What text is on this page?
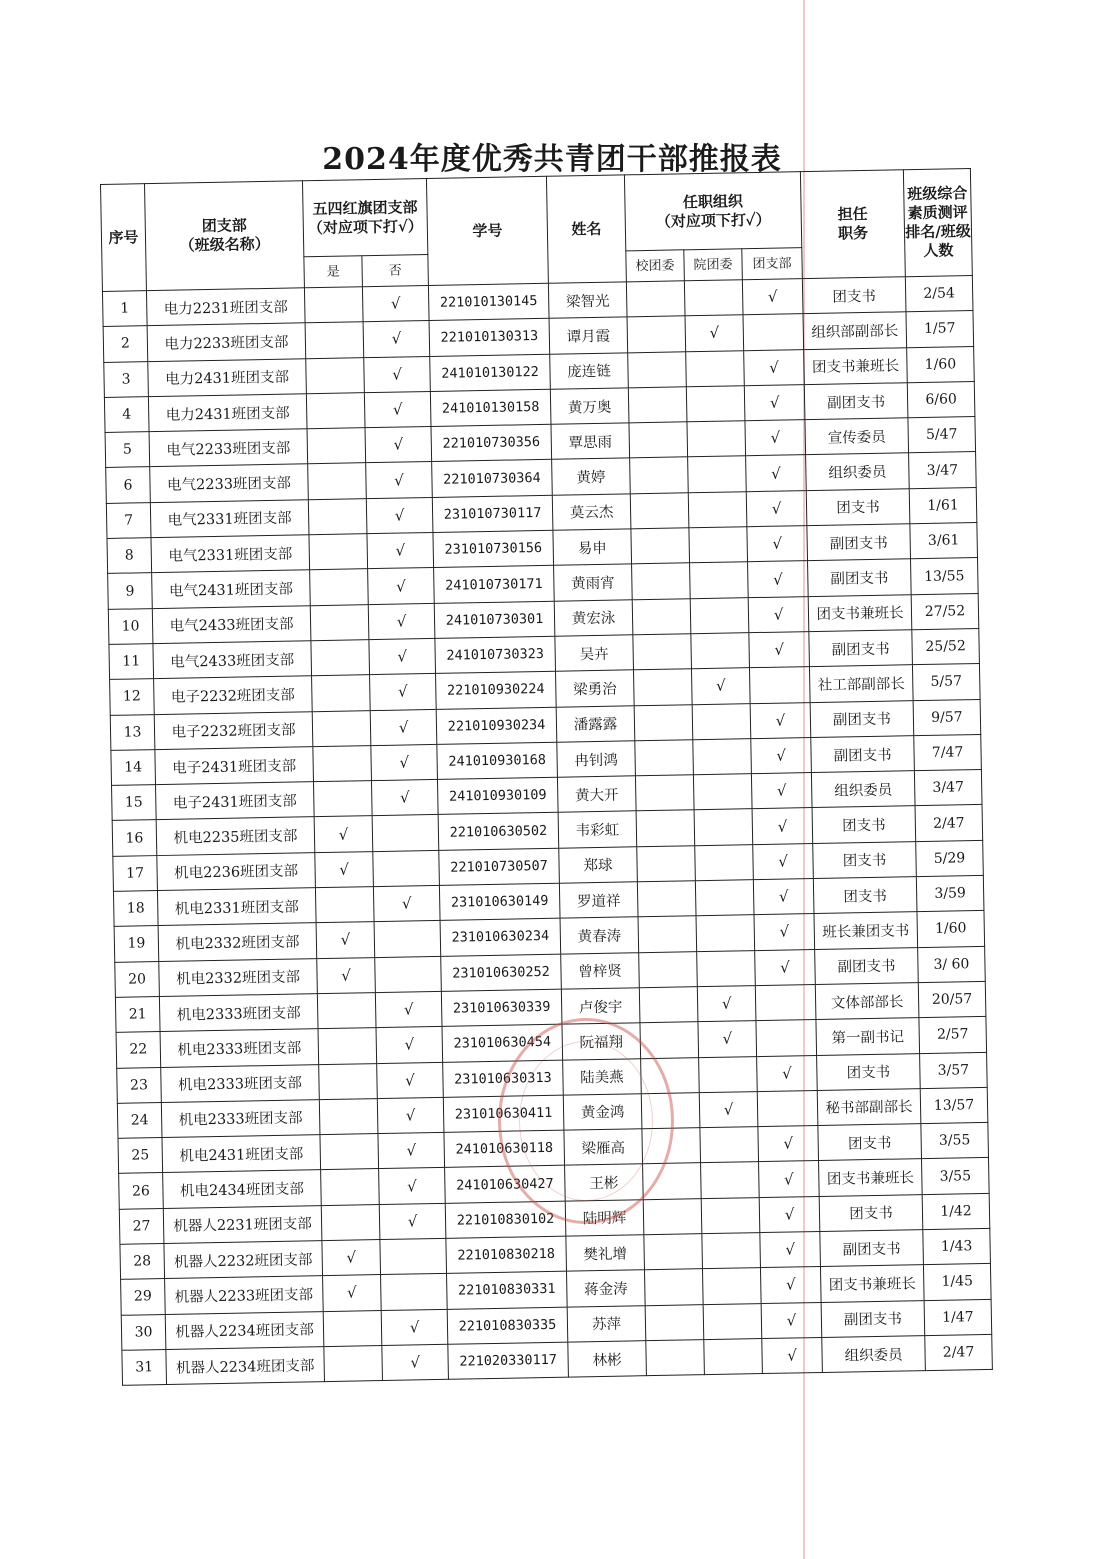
2024年度优秀共青团干部推报表
序号	团支部
（班级名称）	五四红旗团支部
（对应项下打√）		学号	姓名	任职组织
（对应项下打✓）			担任
职务	班级综合素质测评排名/班级人数
		是	否			校团委	院团委	团支部		
1	电力2231班团支部		√	221010130145	梁智光			√	团支书	2/54
2	电力2233班团支部		√	221010130313	谭月霞		√		组织部副部长	1/57
3	电力2431班团支部		√	241010130122	庞连链			√	团支书兼班长	1/60
4	电力2431班团支部		√	241010130158	黄万奥			√	副团支书	6/60
5	电气2233班团支部		√	221010730356	覃思雨			√	宣传委员	5/47
6	电气2233班团支部		√	221010730364	黄婷			√	组织委员	3/47
7	电气2331班团支部		√	231010730117	莫云杰			√	团支书	1/61
8	电气2331班团支部		√	231010730156	易申			√	副团支书	3/61
9	电气2431班团支部		√	241010730171	黄雨宵			√	副团支书	13/55
10	电气2433班团支部		√	241010730301	黄宏泳			√	团支书兼班长	27/52
11	电气2433班团支部		√	241010730323	吴卉			√	副团支书	25/52
12	电子2232班团支部		√	221010930224	梁勇治		√		社工部副部长	5/57
13	电子2232班团支部		√	221010930234	潘露露			√	副团支书	9/57
14	电子2431班团支部		√	241010930168	冉钊鸿			√	副团支书	7/47
15	电子2431班团支部		√	241010930109	黄大开			√	组织委员	3/47
16	机电2235班团支部	√		221010630502	韦彩虹			√	团支书	2/47
17	机电2236班团支部	√		221010730507	郑球			√	团支书	5/29
18	机电2331班团支部		√	231010630149	罗道祥			√	团支书	3/59
19	机电2332班团支部	√		231010630234	黄春涛			√	班长兼团支书	1/60
20	机电2332班团支部	√		231010630252	曾梓贤			√	副团支书	3/ 60
21	机电2333班团支部		√	231010630339	卢俊宇		√		文体部部长	20/57
22	机电2333班团支部		√	231010630454	阮福翔		√		第一副书记	2/57
23	机电2333班团支部		√	231010630313	陆美燕			√	团支书	3/57
24	机电2333班团支部		√	231010630411	黄金鸿		√		秘书部副部长	13/57
25	机电2431班团支部		√	241010630118	梁雁高			√	团支书	3/55
26	机电2434班团支部		√	241010630427	王彬			√	团支书兼班长	3/55
27	机器人2231班团支部		√	221010830102	陆明辉			√	团支书	1/42
28	机器人2232班团支部	√		221010830218	樊礼增			√	副团支书	1/43
29	机器人2233班团支部	√		221010830331	蒋金涛			√	团支书兼班长	1/45
30	机器人2234班团支部		√	221010830335	苏萍			√	副团支书	1/47
31	机器人2234班团支部		√	221020330117	林彬			√	组织委员	2/47
